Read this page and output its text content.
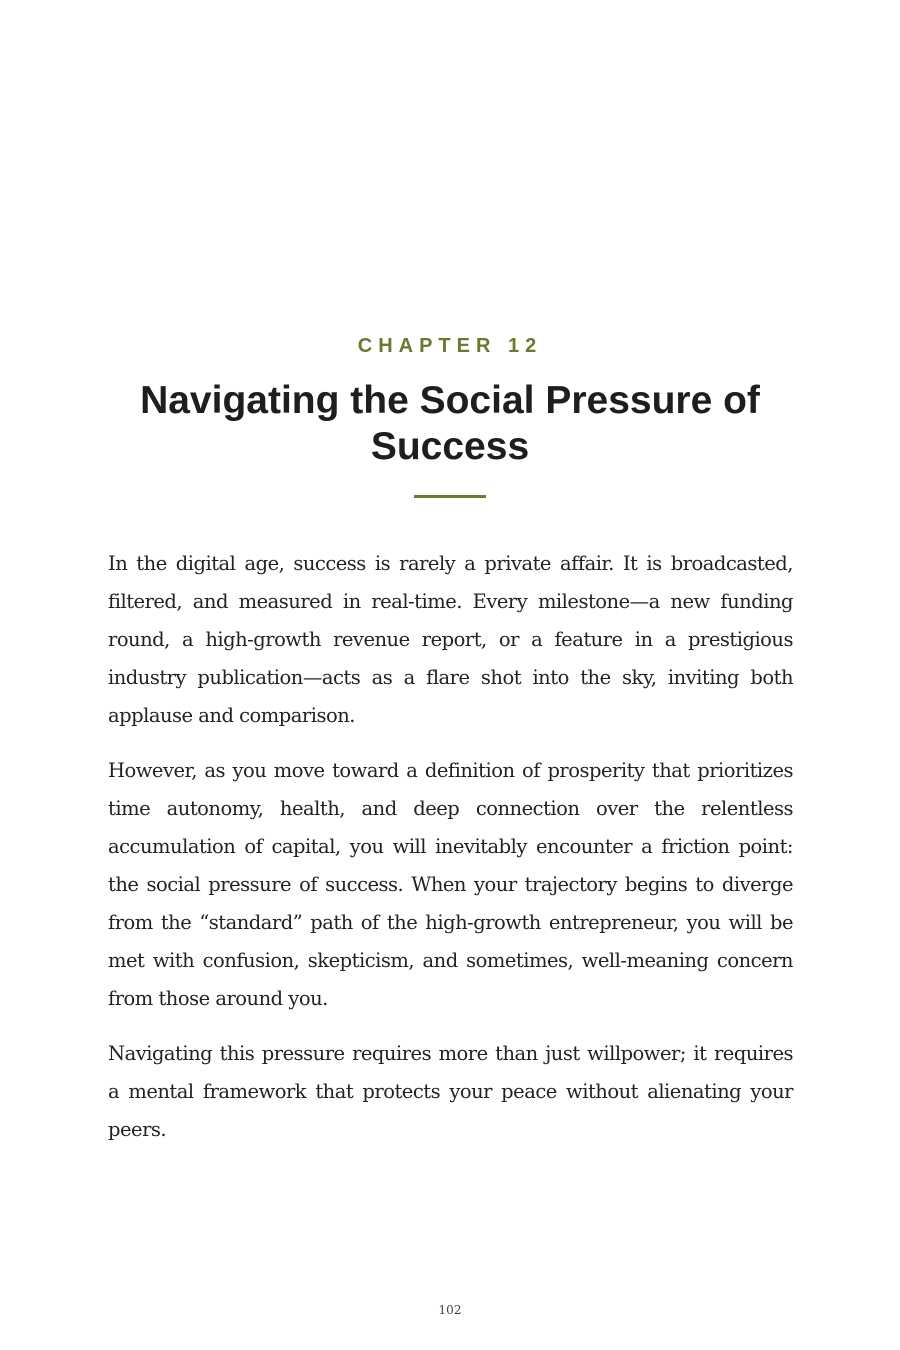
CHAPTER 12
Navigating the Social Pressure of Success

In the digital age, success is rarely a private affair. It is broadcasted, filtered, and measured in real-time. Every milestone—a new funding round, a high-growth revenue report, or a feature in a prestigious industry publication—acts as a flare shot into the sky, inviting both applause and comparison.

However, as you move toward a definition of prosperity that prioritizes time autonomy, health, and deep connection over the relentless accumulation of capital, you will inevitably encounter a friction point: the social pressure of success. When your trajectory begins to diverge from the “standard” path of the high-growth entrepreneur, you will be met with confusion, skepticism, and sometimes, well-meaning concern from those around you.

Navigating this pressure requires more than just willpower; it requires a mental framework that protects your peace without alienating your peers.

102
